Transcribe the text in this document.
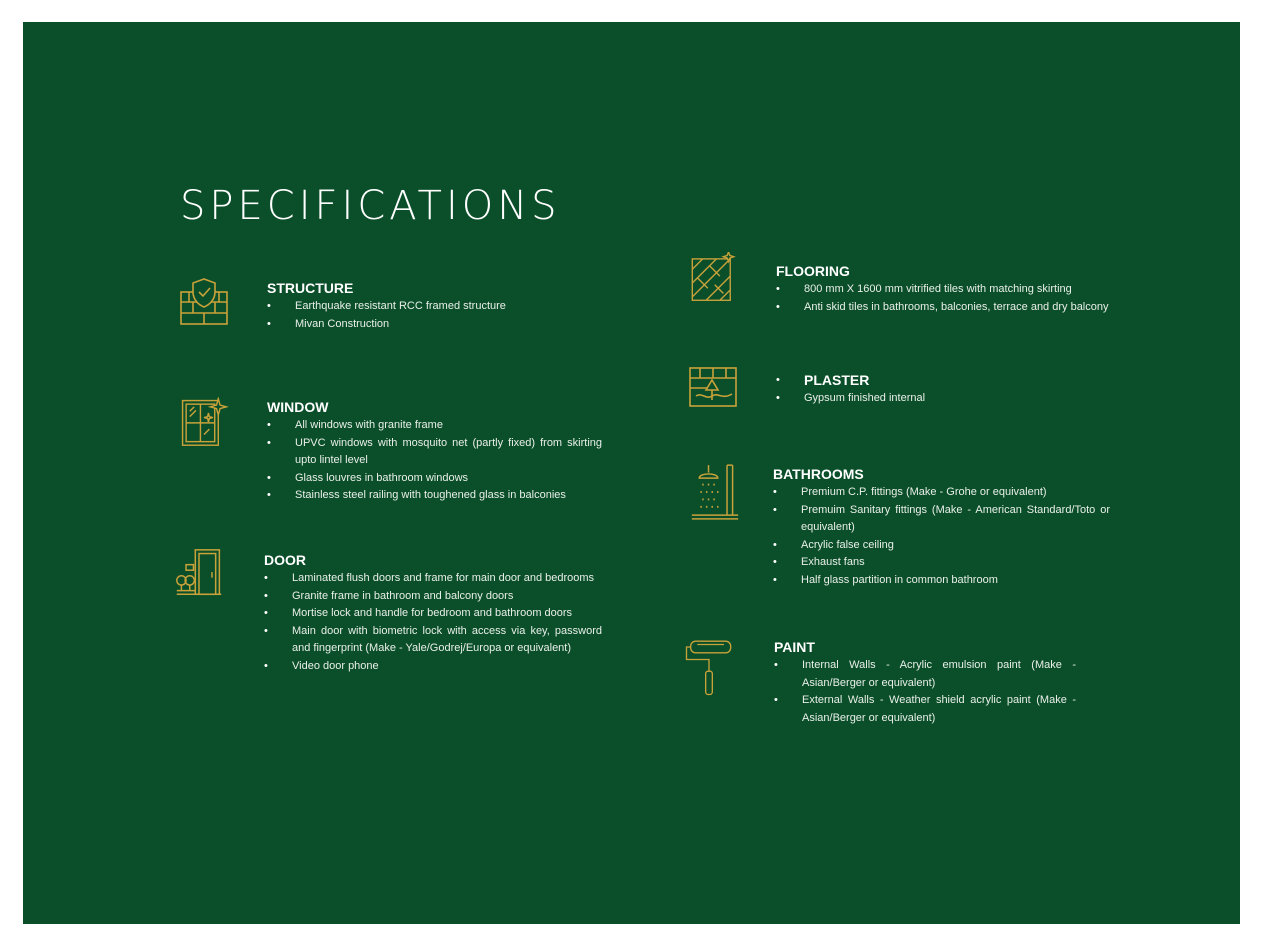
SPECIFICATIONS
STRUCTURE
• Earthquake resistant RCC framed structure
• Mivan Construction
WINDOW
• All windows with granite frame
• UPVC windows with mosquito net (partly fixed) from skirting upto lintel level
• Glass louvres in bathroom windows
• Stainless steel railing with toughened glass in balconies
DOOR
• Laminated flush doors and frame for main door and bedrooms
• Granite frame in bathroom and balcony doors
• Mortise lock and handle for bedroom and bathroom doors
• Main door with biometric lock with access via key, password and fingerprint (Make - Yale/Godrej/Europa or equivalent)
• Video door phone
FLOORING
• 800 mm X 1600 mm vitrified tiles with matching skirting
• Anti skid tiles in bathrooms, balconies, terrace and dry balcony
• PLASTER
• Gypsum finished internal
BATHROOMS
• Premium C.P. fittings (Make - Grohe or equivalent)
• Premuim Sanitary fittings (Make - American Standard/Toto or equivalent)
• Acrylic false ceiling
• Exhaust fans
• Half glass partition in common bathroom
PAINT
• Internal Walls - Acrylic emulsion paint (Make - Asian/Berger or equivalent)
• External Walls - Weather shield acrylic paint (Make - Asian/Berger or equivalent)
